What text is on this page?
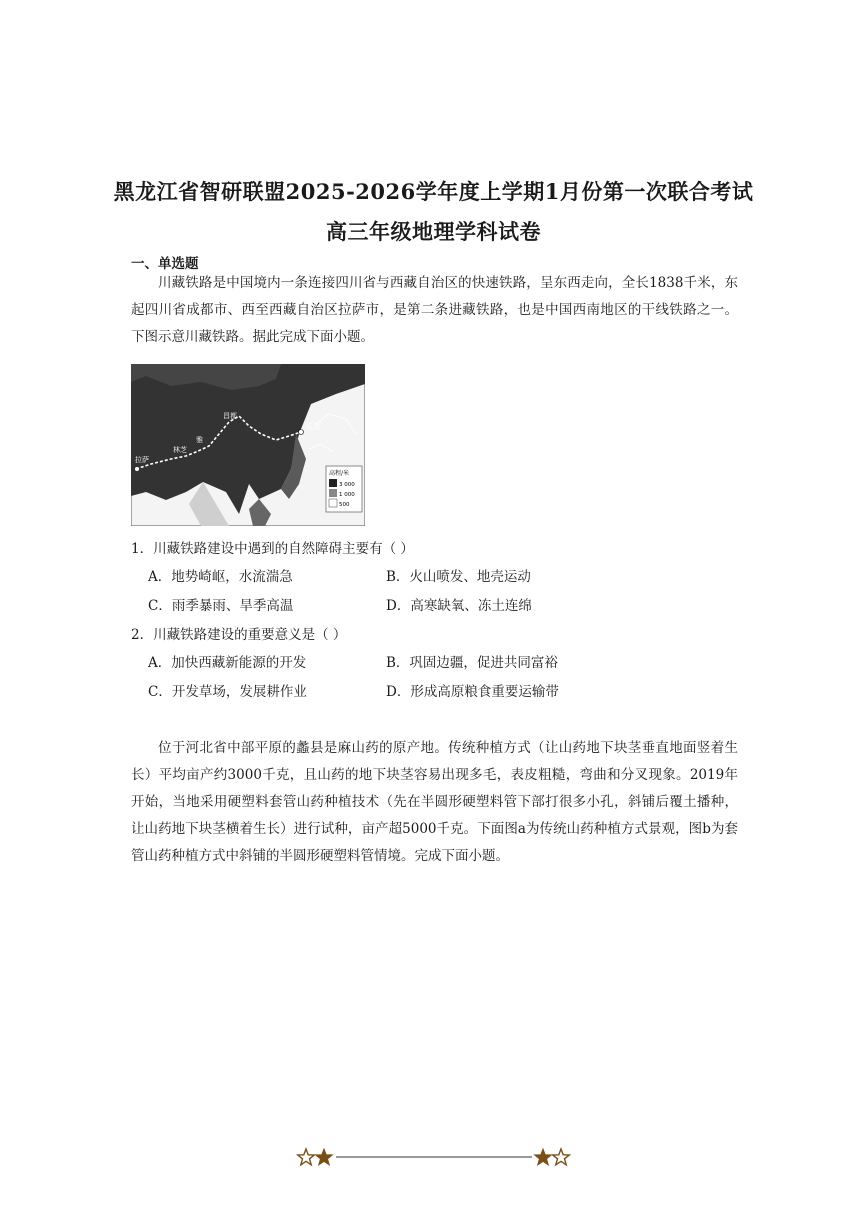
黑龙江省智研联盟2025-2026学年度上学期1月份第一次联合考试高三年级地理学科试卷
一、单选题
川藏铁路是中国境内一条连接四川省与西藏自治区的快速铁路，呈东西走向，全长1838千米，东起四川省成都市、西至西藏自治区拉萨市，是第二条进藏铁路，也是中国西南地区的干线铁路之一。下图示意川藏铁路。据此完成下面小题。
成都
昌都
林芝
拉萨
雅
高程/米
3 000
1 000
500
1．川藏铁路建设中遇到的自然障碍主要有（ ）
A．地势崎岖，水流湍急	B．火山喷发、地壳运动
C．雨季暴雨、旱季高温	D．高寒缺氧、冻土连绵
2．川藏铁路建设的重要意义是（ ）
A．加快西藏新能源的开发	B．巩固边疆，促进共同富裕
C．开发草场，发展耕作业	D．形成高原粮食重要运输带
位于河北省中部平原的蠡县是麻山药的原产地。传统种植方式（让山药地下块茎垂直地面竖着生长）平均亩产约3000千克，且山药的地下块茎容易出现多毛，表皮粗糙，弯曲和分叉现象。2019年开始，当地采用硬塑料套管山药种植技术（先在半圆形硬塑料管下部打很多小孔，斜铺后覆土播种，让山药地下块茎横着生长）进行试种，亩产超5000千克。下面图a为传统山药种植方式景观，图b为套管山药种植方式中斜铺的半圆形硬塑料管情境。完成下面小题。
